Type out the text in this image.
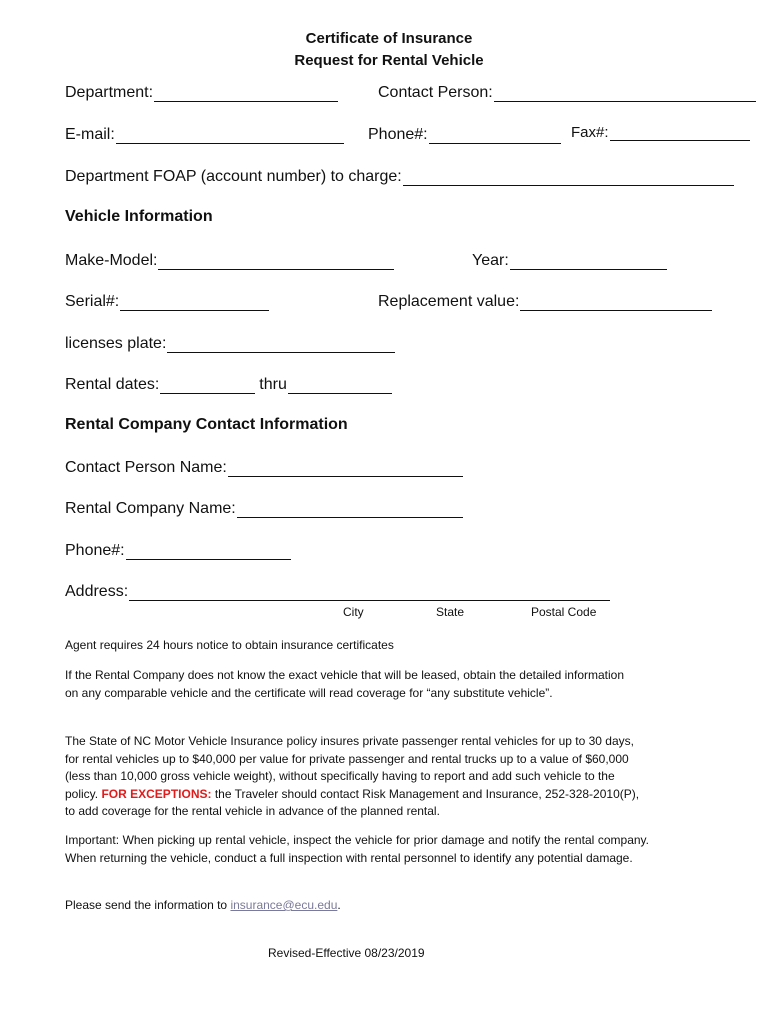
Certificate of Insurance
Request for Rental Vehicle
Department:	Contact Person:
E-mail:	Phone#:	Fax#:
Department FOAP (account number) to charge:
Vehicle Information
Make-Model:	Year:
Serial#:	Replacement value:
licenses plate:
Rental dates:	thru
Rental Company Contact Information
Contact Person Name:
Rental Company Name:
Phone#:
Address:
City	State	Postal Code
Agent requires 24 hours notice to obtain insurance certificates
If the Rental Company does not know the exact vehicle that will be leased, obtain the detailed information on any comparable vehicle and the certificate will read coverage for “any substitute vehicle”.
The State of NC Motor Vehicle Insurance policy insures private passenger rental vehicles for up to 30 days, for rental vehicles up to $40,000 per value for private passenger and rental trucks up to a value of $60,000 (less than 10,000 gross vehicle weight), without specifically having to report and add such vehicle to the policy. FOR EXCEPTIONS: the Traveler should contact Risk Management and Insurance, 252-328-2010(P), to add coverage for the rental vehicle in advance of the planned rental.
Important: When picking up rental vehicle, inspect the vehicle for prior damage and notify the rental company. When returning the vehicle, conduct a full inspection with rental personnel to identify any potential damage.
Please send the information to insurance@ecu.edu.
Revised-Effective 08/23/2019
